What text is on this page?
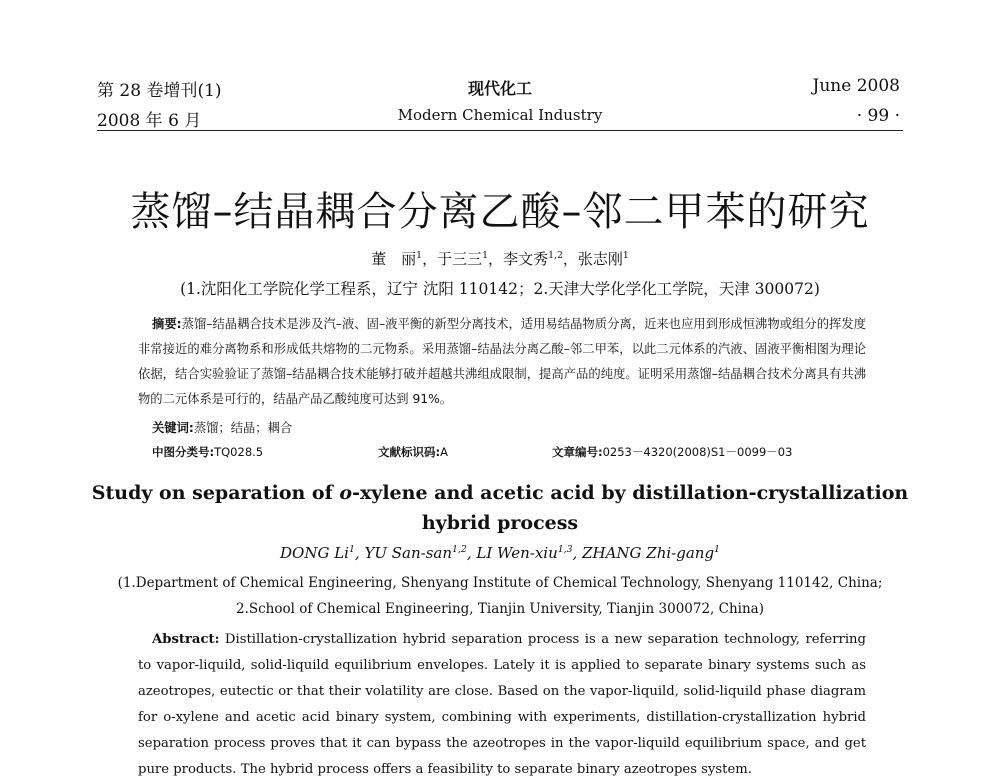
第 28 卷增刊(1)
2008 年 6 月
现代化工
Modern Chemical Industry
June 2008
· 99 ·
蒸馏–结晶耦合分离乙酸–邻二甲苯的研究
董　丽$^1$，于三三$^1$，李文秀$^{1,2}$，张志刚$^1$
(1.沈阳化工学院化学工程系，辽宁 沈阳 110142；2.天津大学化学化工学院，天津 300072)
摘要:蒸馏–结晶耦合技术是涉及汽–液、固–液平衡的新型分离技术，适用易结晶物质分离，近来也应用到形成恒沸物或组分的挥发度非常接近的难分离物系和形成低共熔物的二元物系。采用蒸馏–结晶法分离乙酸–邻二甲苯，以此二元体系的汽液、固液平衡相图为理论依据，结合实验验证了蒸馏–结晶耦合技术能够打破并超越共沸组成限制，提高产品的纯度。证明采用蒸馏–结晶耦合技术分离具有共沸物的二元体系是可行的，结晶产品乙酸纯度可达到 91%。
关键词:蒸馏；结晶；耦合
中图分类号:TQ028.5	文献标识码:A	文章编号:0253－4320(2008)S1－0099－03
Study on separation of o-xylene and acetic acid by distillation-crystallization
hybrid process
DONG Li$^1$, YU San-san$^{1,2}$, LI Wen-xiu$^{1,3}$, ZHANG Zhi-gang$^1$
(1.Department of Chemical Engineering, Shenyang Institute of Chemical Technology, Shenyang 110142, China;
2.School of Chemical Engineering, Tianjin University, Tianjin 300072, China)
Abstract: Distillation-crystallization hybrid separation process is a new separation technology, referring to vapor-liquild, solid-liquild equilibrium envelopes. Lately it is applied to separate binary systems such as azeotropes, eutectic or that their volatility are close. Based on the vapor-liquild, solid-liquild phase diagram for o-xylene and acetic acid binary system, combining with experiments, distillation-crystallization hybrid separation process proves that it can bypass the azeotropes in the vapor-liquild equilibrium space, and get pure products. The hybrid process offers a feasibility to separate binary azeotropes system.
